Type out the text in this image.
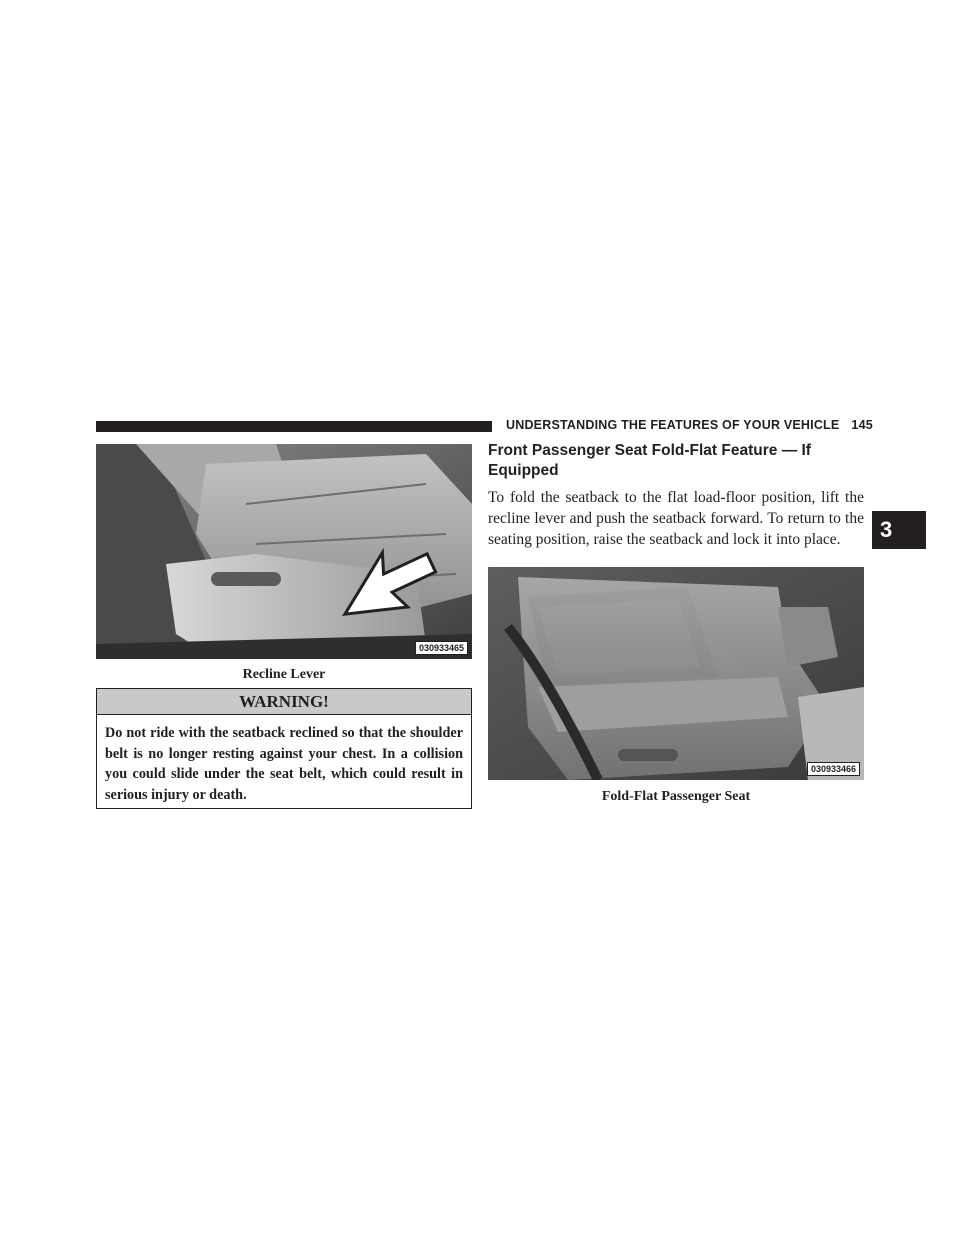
UNDERSTANDING THE FEATURES OF YOUR VEHICLE 145
3
030933465
Recline Lever
WARNING!
Do not ride with the seatback reclined so that the shoulder belt is no longer resting against your chest. In a collision you could slide under the seat belt, which could result in serious injury or death.
Front Passenger Seat Fold-Flat Feature — If Equipped
To fold the seatback to the flat load-floor position, lift the recline lever and push the seatback forward. To return to the seating position, raise the seatback and lock it into place.
030933466
Fold-Flat Passenger Seat
